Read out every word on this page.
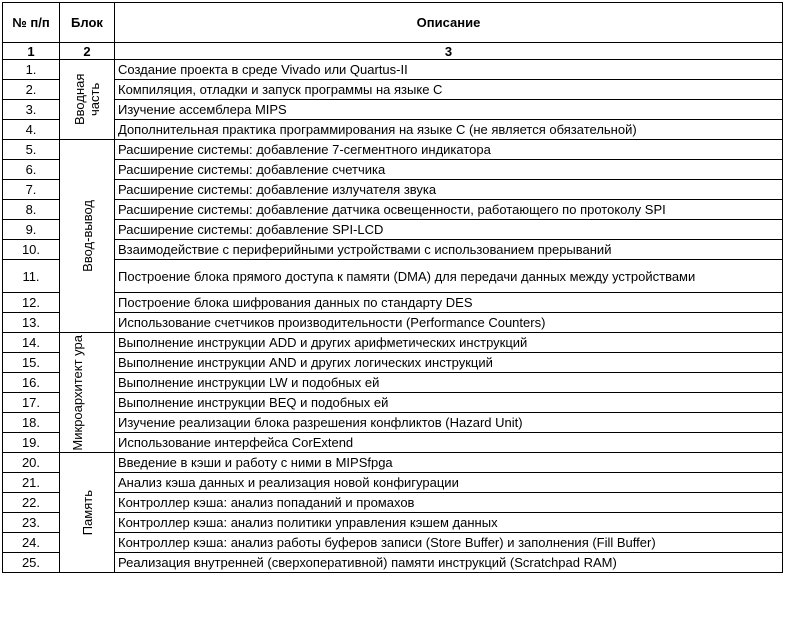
№ п/п	Блок	Описание
1	2	3
1.	Вводная часть	Создание проекта в среде Vivado или Quartus-II
2.		Компиляция, отладки и запуск программы на языке C
3.		Изучение ассемблера MIPS
4.		Дополнительная практика программирования на языке C (не является обязательной)
5.	Ввод-вывод	Расширение системы: добавление 7-сегментного индикатора
6.		Расширение системы: добавление счетчика
7.		Расширение системы: добавление излучателя звука
8.		Расширение системы: добавление датчика освещенности, работающего по протоколу SPI
9.		Расширение системы: добавление SPI-LCD
10.		Взаимодействие с периферийными устройствами с использованием прерываний
11.		Построение блока прямого доступа к памяти (DMA) для передачи данных между устройствами
12.		Построение блока шифрования данных по стандарту DES
13.		Использование счетчиков производительности (Performance Counters)
14.	Микроархитект ура	Выполнение инструкции ADD и других арифметических инструкций
15.		Выполнение инструкции AND и других логических инструкций
16.		Выполнение инструкции LW и подобных ей
17.		Выполнение инструкции BEQ и подобных ей
18.		Изучение реализации блока разрешения конфликтов (Hazard Unit)
19.		Использование интерфейса CorExtend
20.	Память	Введение в кэши и работу с ними в MIPSfpga
21.		Анализ кэша данных и реализация новой конфигурации
22.		Контроллер кэша: анализ попаданий и промахов
23.		Контроллер кэша: анализ политики управления кэшем данных
24.		Контроллер кэша: анализ работы буферов записи (Store Buffer) и заполнения (Fill Buffer)
25.		Реализация внутренней (сверхоперативной) памяти инструкций (Scratchpad RAM)
